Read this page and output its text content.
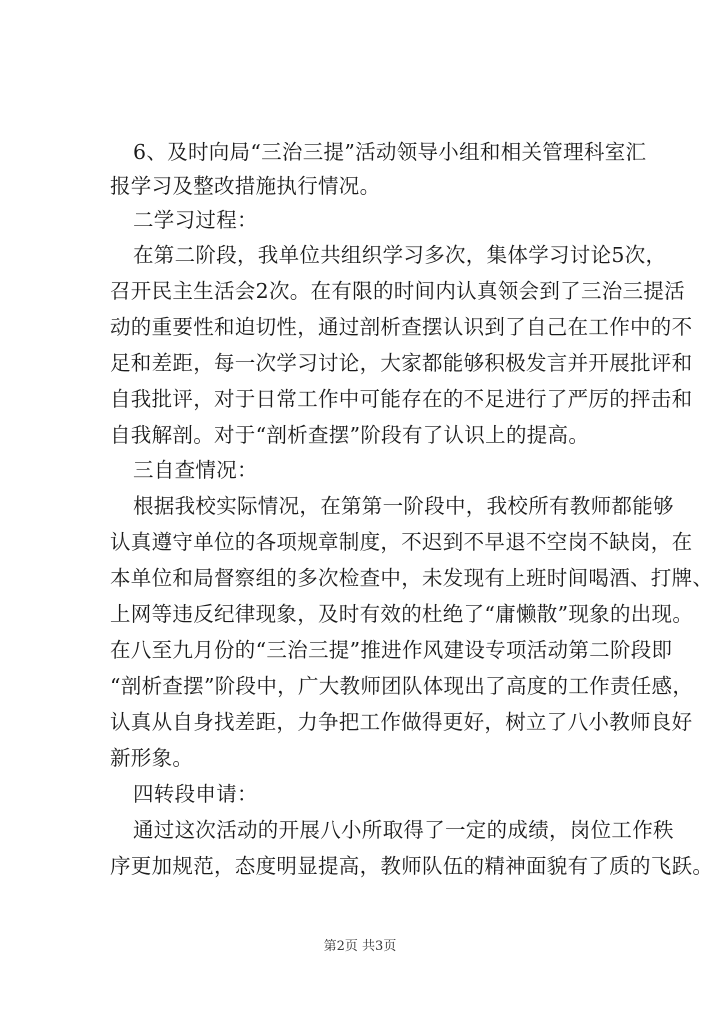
6、及时向局“三治三提”活动领导小组和相关管理科室汇
报学习及整改措施执行情况。
二学习过程：
在第二阶段，我单位共组织学习多次，集体学习讨论5次，
召开民主生活会2次。在有限的时间内认真领会到了三治三提活
动的重要性和迫切性，通过剖析查摆认识到了自己在工作中的不
足和差距，每一次学习讨论，大家都能够积极发言并开展批评和
自我批评，对于日常工作中可能存在的不足进行了严厉的抨击和
自我解剖。对于“剖析查摆”阶段有了认识上的提高。
三自查情况：
根据我校实际情况，在第第一阶段中，我校所有教师都能够
认真遵守单位的各项规章制度，不迟到不早退不空岗不缺岗，在
本单位和局督察组的多次检查中，未发现有上班时间喝酒、打牌、
上网等违反纪律现象，及时有效的杜绝了“庸懒散”现象的出现。
在八至九月份的“三治三提”推进作风建设专项活动第二阶段即
“剖析查摆”阶段中，广大教师团队体现出了高度的工作责任感，
认真从自身找差距，力争把工作做得更好，树立了八小教师良好
新形象。
四转段申请：
通过这次活动的开展八小所取得了一定的成绩，岗位工作秩
序更加规范，态度明显提高，教师队伍的精神面貌有了质的飞跃。
第2页 共3页
